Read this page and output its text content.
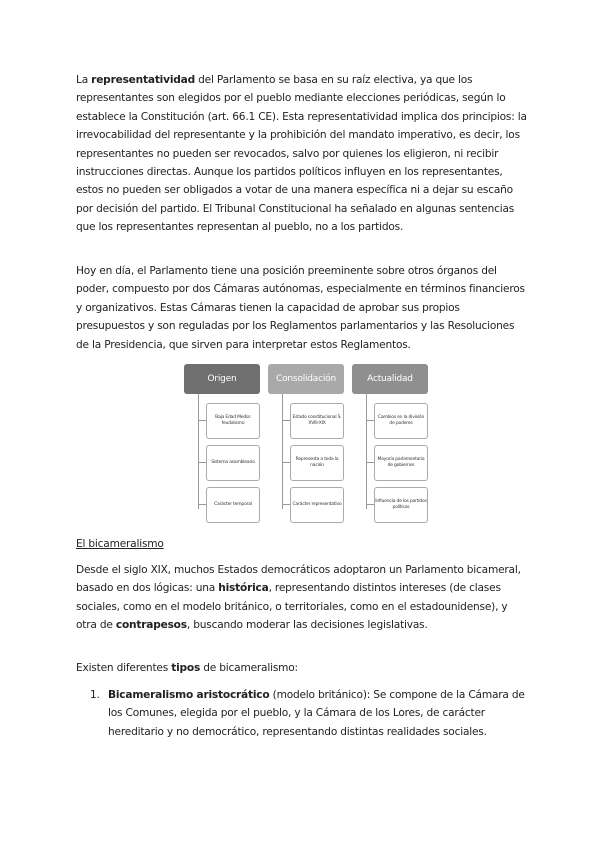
La representatividad del Parlamento se basa en su raíz electiva, ya que los representantes son elegidos por el pueblo mediante elecciones periódicas, según lo establece la Constitución (art. 66.1 CE). Esta representatividad implica dos principios: la irrevocabilidad del representante y la prohibición del mandato imperativo, es decir, los representantes no pueden ser revocados, salvo por quienes los eligieron, ni recibir instrucciones directas. Aunque los partidos políticos influyen en los representantes, estos no pueden ser obligados a votar de una manera específica ni a dejar su escaño por decisión del partido. El Tribunal Constitucional ha señalado en algunas sentencias que los representantes representan al pueblo, no a los partidos.
Hoy en día, el Parlamento tiene una posición preeminente sobre otros órganos del poder, compuesto por dos Cámaras autónomas, especialmente en términos financieros y organizativos. Estas Cámaras tienen la capacidad de aprobar sus propios presupuestos y son reguladas por los Reglamentos parlamentarios y las Resoluciones de la Presidencia, que sirven para interpretar estos Reglamentos.
Origen
Baja Edad Media: feudalismo
Sistema asambleario
Carácter temporal
Consolidación
Estado constitucional S. XVIII-XIX
Representa a toda la nación
Carácter representativo
Actualidad
Cambios en la división de poderes
Mayoría parlamentaria de gobiernos
Influencia de los partidos políticos
El bicameralismo
Desde el siglo XIX, muchos Estados democráticos adoptaron un Parlamento bicameral, basado en dos lógicas: una histórica, representando distintos intereses (de clases sociales, como en el modelo británico, o territoriales, como en el estadounidense), y otra de contrapesos, buscando moderar las decisiones legislativas.
Existen diferentes tipos de bicameralismo:
1. Bicameralismo aristocrático (modelo británico): Se compone de la Cámara de los Comunes, elegida por el pueblo, y la Cámara de los Lores, de carácter hereditario y no democrático, representando distintas realidades sociales.
